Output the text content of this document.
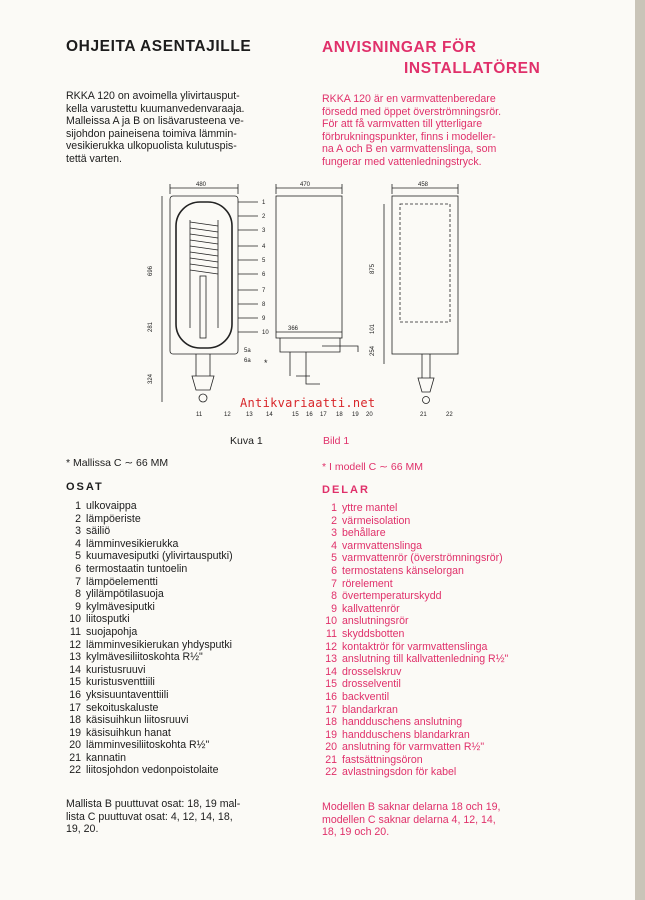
OHJEITA ASENTAJILLE
RKKA 120 on avoimella ylivirtausput-
kella varustettu kuumanvedenvaraaja.
Malleissa A ja B on lisävarusteena ve-
sijohdon paineisena toimiva lämmin-
vesikierukka ulkopuolista kulutuspis-
tettä varten.
ANVISNINGAR FÖR
INSTALLATÖREN
RKKA 120 är en varmvattenberedare
försedd med öppet överströmningsrör.
För att få varmvatten till ytterligare
förbrukningspunkter, finns i modeller-
na A och B en varmvattenslinga, som
fungerar med vattenledningstryck.
480	470	458
696
281
324
875
101
254
366
1
2
3
4
5
6
7
8
9
10
5a
6a *
11	12	13 14	15 16 17 18 19 20	21	22
Antikvariaatti.net
Kuva 1	Bild 1
* Mallissa C ∼ 66 MM	* I modell C ∼ 66 MM
OSAT	DELAR
1 ulkovaippa
2 lämpöeriste
3 säiliö
4 lämminvesikierukka
5 kuumavesiputki (ylivirtausputki)
6 termostaatin tuntoelin
7 lämpöelementti
8 ylilämpötilasuoja
9 kylmävesiputki
10 liitosputki
11 suojapohja
12 lämminvesikierukan yhdysputki
13 kylmävesiliitoskohta R½"
14 kuristusruuvi
15 kuristusventtiili
16 yksisuuntaventtiili
17 sekoituskaluste
18 käsisuihkun liitosruuvi
19 käsisuihkun hanat
20 lämminvesiliitoskohta R½"
21 kannatin
22 liitosjohdon vedonpoistolaite
1 yttre mantel
2 värmeisolation
3 behållare
4 varmvattenslinga
5 varmvattenrör (överströmningsrör)
6 termostatens känselorgan
7 rörelement
8 övertemperaturskydd
9 kallvattenrör
10 anslutningsrör
11 skyddsbotten
12 kontaktrör för varmvattenslinga
13 anslutning till kallvattenledning R½"
14 drosselskruv
15 drosselventil
16 backventil
17 blandarkran
18 handduschens anslutning
19 handduschens blandarkran
20 anslutning för varmvatten R½"
21 fastsättningsöron
22 avlastningsdon för kabel
Mallista B puuttuvat osat: 18, 19 mal-
lista C puuttuvat osat: 4, 12, 14, 18,
19, 20.
Modellen B saknar delarna 18 och 19,
modellen C saknar delarna 4, 12, 14,
18, 19 och 20.
